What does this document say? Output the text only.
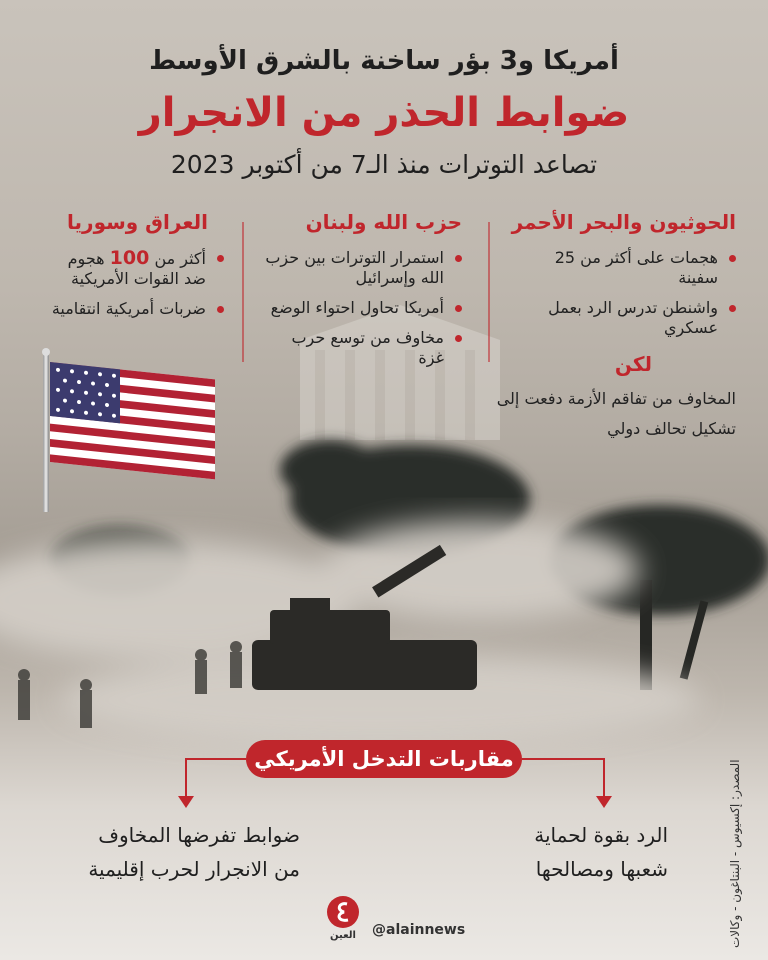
أمريكا و3 بؤر ساخنة بالشرق الأوسط
ضوابط الحذر من الانجرار
تصاعد التوترات منذ الـ7 من أكتوبر 2023
الحوثيون والبحر الأحمر
هجمات على أكثر من 25 سفينة
واشنطن تدرس الرد بعمل عسكري
حزب الله ولبنان
استمرار التوترات بين حزب الله وإسرائيل
أمريكا تحاول احتواء الوضع
مخاوف من توسع حرب غزة
العراق وسوريا
أكثر من 100 هجوم
ضد القوات الأمريكية
ضربات أمريكية انتقامية
لكن
المخاوف من تفاقم الأزمة دفعت إلى تشكيل تحالف دولي
مقاربات التدخل الأمريكي
الرد بقوة لحماية
شعبها ومصالحها
ضوابط تفرضها المخاوف
من الانجرار لحرب إقليمية	المصدر: إكسيوس - البنتاغون - وكالات
العين	@alainnews
